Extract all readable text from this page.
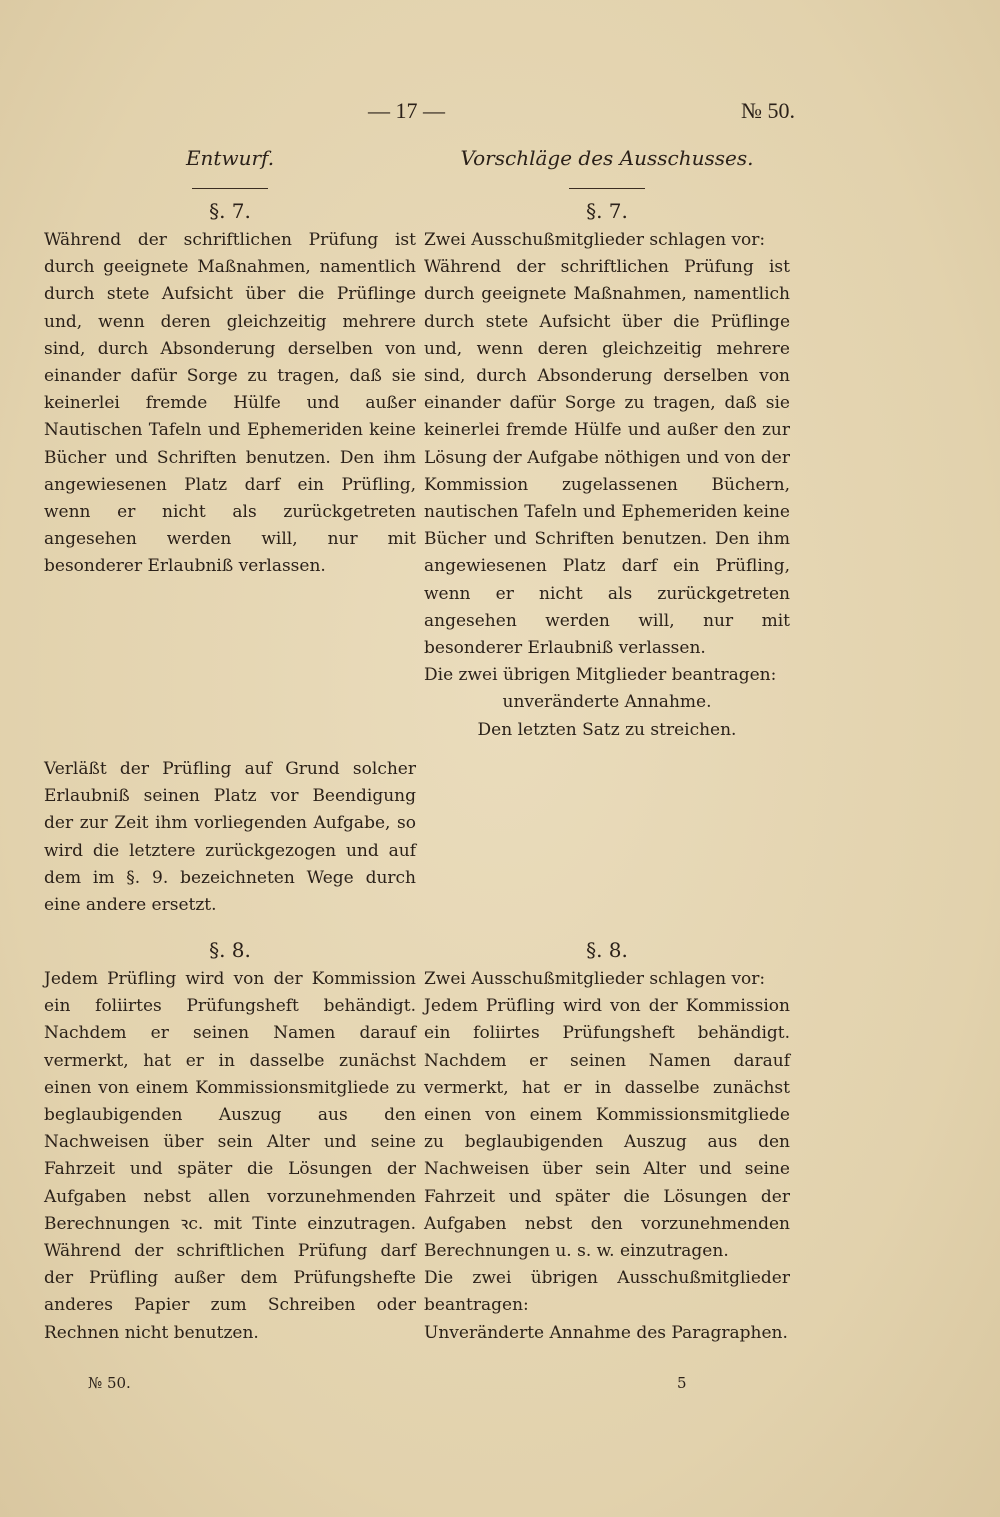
— 17 —	№ 50.
Entwurf.
§. 7.

Während der schriftlichen Prüfung ist durch geeignete Maßnahmen, namentlich durch stete Aufsicht über die Prüflinge und, wenn deren gleichzeitig mehrere sind, durch Absonderung derselben von einander dafür Sorge zu tragen, daß sie keinerlei fremde Hülfe und außer Nautischen Tafeln und Ephemeriden keine Bücher und Schriften benutzen. Den ihm angewiesenen Platz darf ein Prüfling, wenn er nicht als zurückgetreten angesehen werden will, nur mit besonderer Erlaubniß verlassen.

Verläßt der Prüfling auf Grund solcher Erlaubniß seinen Platz vor Beendigung der zur Zeit ihm vorliegenden Aufgabe, so wird die letztere zurückgezogen und auf dem im §. 9. bezeichneten Wege durch eine andere ersetzt.

§. 8.

Jedem Prüfling wird von der Kommission ein foliirtes Prüfungsheft behändigt. Nachdem er seinen Namen darauf vermerkt, hat er in dasselbe zunächst einen von einem Kommissionsmitgliede zu beglaubigenden Auszug aus den Nachweisen über sein Alter und seine Fahrzeit und später die Lösungen der Aufgaben nebst allen vorzunehmenden Berechnungen ꝛc. mit Tinte einzutragen. Während der schriftlichen Prüfung darf der Prüfling außer dem Prüfungshefte anderes Papier zum Schreiben oder Rechnen nicht benutzen.

Vorschläge des Ausschusses.
§. 7.

Zwei Ausschußmitglieder schlagen vor:

Während der schriftlichen Prüfung ist durch geeignete Maßnahmen, namentlich durch stete Aufsicht über die Prüflinge und, wenn deren gleichzeitig mehrere sind, durch Absonderung derselben von einander dafür Sorge zu tragen, daß sie keinerlei fremde Hülfe und außer den zur Lösung der Aufgabe nöthigen und von der Kommission zugelassenen Büchern, nautischen Tafeln und Ephemeriden keine Bücher und Schriften benutzen. Den ihm angewiesenen Platz darf ein Prüfling, wenn er nicht als zurückgetreten angesehen werden will, nur mit besonderer Erlaubniß verlassen.

Die zwei übrigen Mitglieder beantragen:

unveränderte Annahme.

Den letzten Satz zu streichen.

§. 8.

Zwei Ausschußmitglieder schlagen vor:

Jedem Prüfling wird von der Kommission ein foliirtes Prüfungsheft behändigt. Nachdem er seinen Namen darauf vermerkt, hat er in dasselbe zunächst einen von einem Kommissionsmitgliede zu beglaubigenden Auszug aus den Nachweisen über sein Alter und seine Fahrzeit und später die Lösungen der Aufgaben nebst den vorzunehmenden Berechnungen u. s. w. einzutragen.

Die zwei übrigen Ausschußmitglieder beantragen:

Unveränderte Annahme des Paragraphen.

№ 50.	5
